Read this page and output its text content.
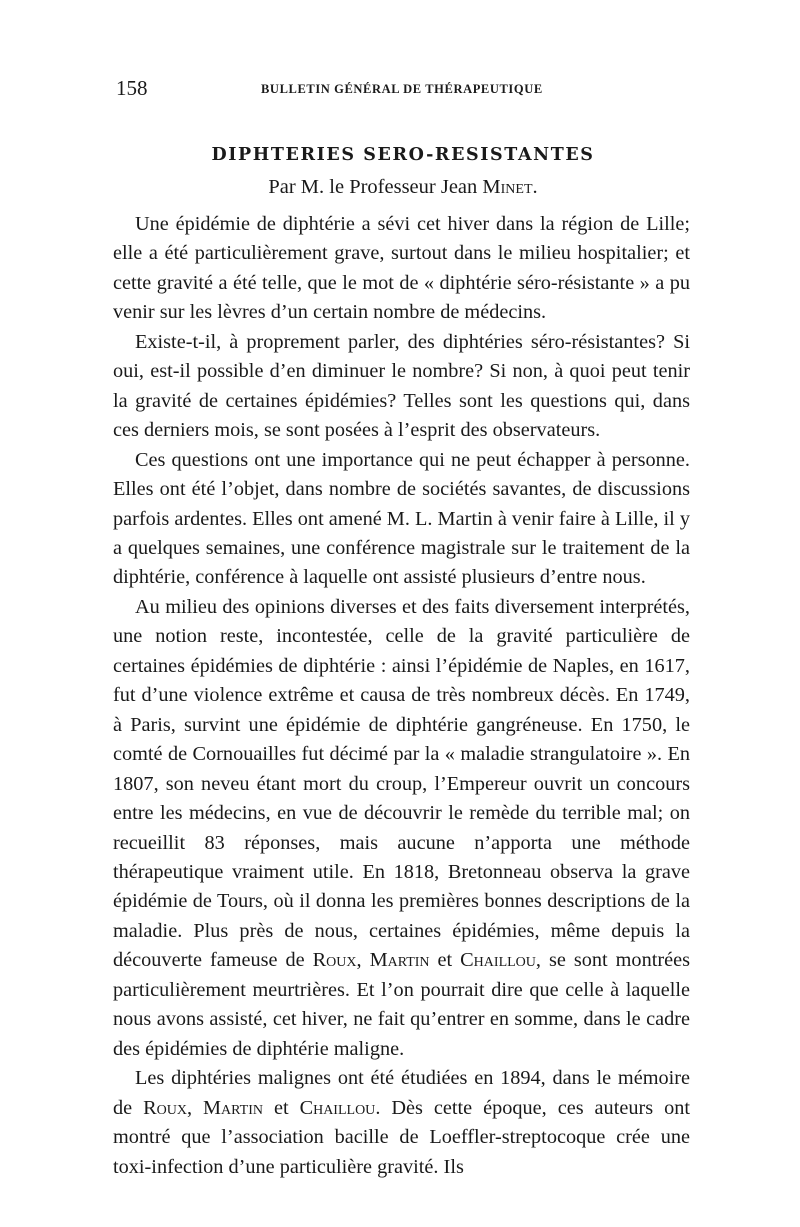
158	BULLETIN GÉNÉRAL DE THÉRAPEUTIQUE
DIPHTERIES SERO-RESISTANTES
Par M. le Professeur Jean Minet.

Une épidémie de diphtérie a sévi cet hiver dans la région de Lille; elle a été particulièrement grave, surtout dans le milieu hospitalier; et cette gravité a été telle, que le mot de « diphtérie séro-résistante » a pu venir sur les lèvres d’un certain nombre de médecins.

Existe-t-il, à proprement parler, des diphtéries séro-résistantes? Si oui, est-il possible d’en diminuer le nombre? Si non, à quoi peut tenir la gravité de certaines épidémies? Telles sont les questions qui, dans ces derniers mois, se sont posées à l’esprit des observateurs.

Ces questions ont une importance qui ne peut échapper à personne. Elles ont été l’objet, dans nombre de sociétés savantes, de discussions parfois ardentes. Elles ont amené M. L. Martin à venir faire à Lille, il y a quelques semaines, une conférence magistrale sur le traitement de la diphtérie, conférence à laquelle ont assisté plusieurs d’entre nous.

Au milieu des opinions diverses et des faits diversement interprétés, une notion reste, incontestée, celle de la gravité particulière de certaines épidémies de diphtérie : ainsi l’épidémie de Naples, en 1617, fut d’une violence extrême et causa de très nombreux décès. En 1749, à Paris, survint une épidémie de diphtérie gangréneuse. En 1750, le comté de Cornouailles fut décimé par la « maladie strangulatoire ». En 1807, son neveu étant mort du croup, l’Empereur ouvrit un concours entre les médecins, en vue de découvrir le remède du terrible mal; on recueillit 83 réponses, mais aucune n’apporta une méthode thérapeutique vraiment utile. En 1818, Bretonneau observa la grave épidémie de Tours, où il donna les premières bonnes descriptions de la maladie. Plus près de nous, certaines épidémies, même depuis la découverte fameuse de Roux, Martin et Chaillou, se sont montrées particulièrement meurtrières. Et l’on pourrait dire que celle à laquelle nous avons assisté, cet hiver, ne fait qu’entrer en somme, dans le cadre des épidémies de diphtérie maligne.

Les diphtéries malignes ont été étudiées en 1894, dans le mémoire de Roux, Martin et Chaillou. Dès cette époque, ces auteurs ont montré que l’association bacille de Loeffler-streptocoque crée une toxi-infection d’une particulière gravité. Ils
